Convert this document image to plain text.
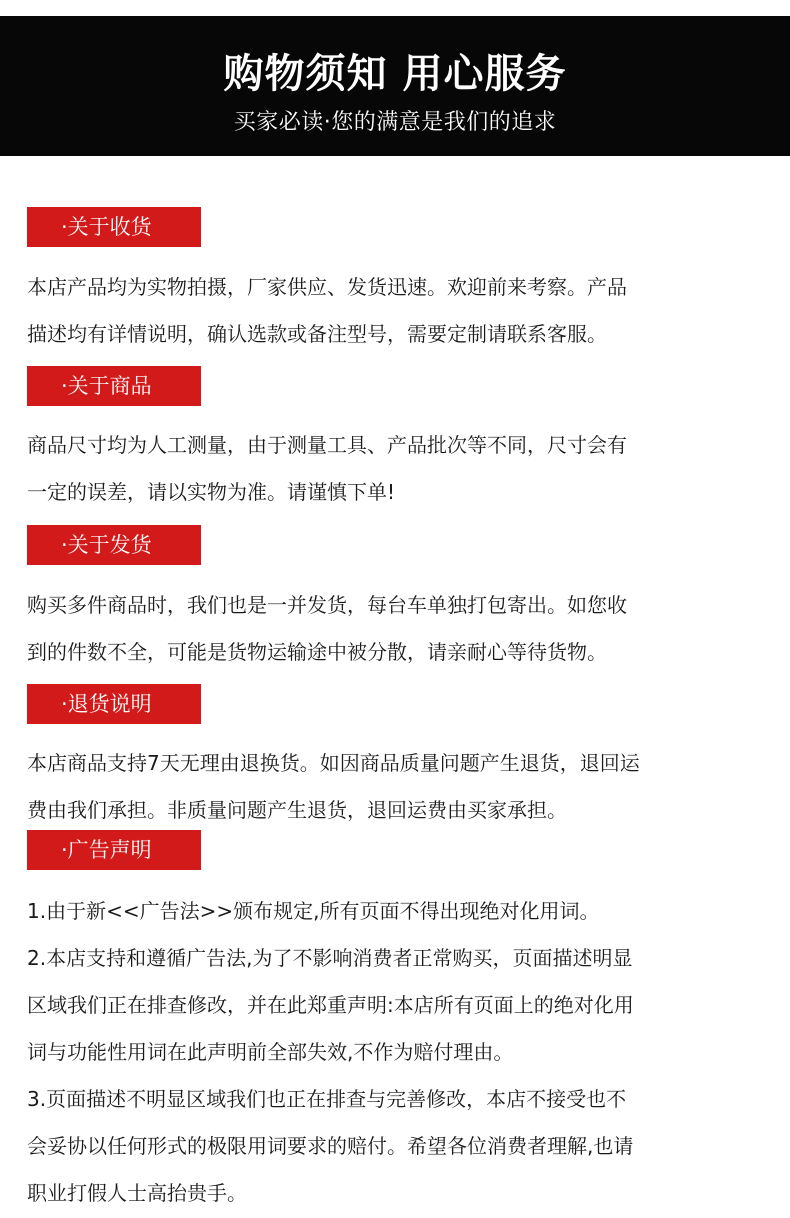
购物须知 用心服务
买家必读·您的满意是我们的追求
·关于收货
本店产品均为实物拍摄，厂家供应、发货迅速。欢迎前来考察。产品
描述均有详情说明，确认选款或备注型号，需要定制请联系客服。
·关于商品
商品尺寸均为人工测量，由于测量工具、产品批次等不同，尺寸会有
一定的误差，请以实物为准。请谨慎下单!
·关于发货
购买多件商品时，我们也是一并发货，每台车单独打包寄出。如您收
到的件数不全，可能是货物运输途中被分散，请亲耐心等待货物。
·退货说明
本店商品支持7天无理由退换货。如因商品质量问题产生退货，退回运
费由我们承担。非质量问题产生退货，退回运费由买家承担。
·广告声明
1.由于新<<广告法>>颁布规定,所有页面不得出现绝对化用词。
2.本店支持和遵循广告法,为了不影响消费者正常购买，页面描述明显
区域我们正在排查修改，并在此郑重声明:本店所有页面上的绝对化用
词与功能性用词在此声明前全部失效,不作为赔付理由。
3.页面描述不明显区域我们也正在排查与完善修改，本店不接受也不
会妥协以任何形式的极限用词要求的赔付。希望各位消费者理解,也请
职业打假人士高抬贵手。
